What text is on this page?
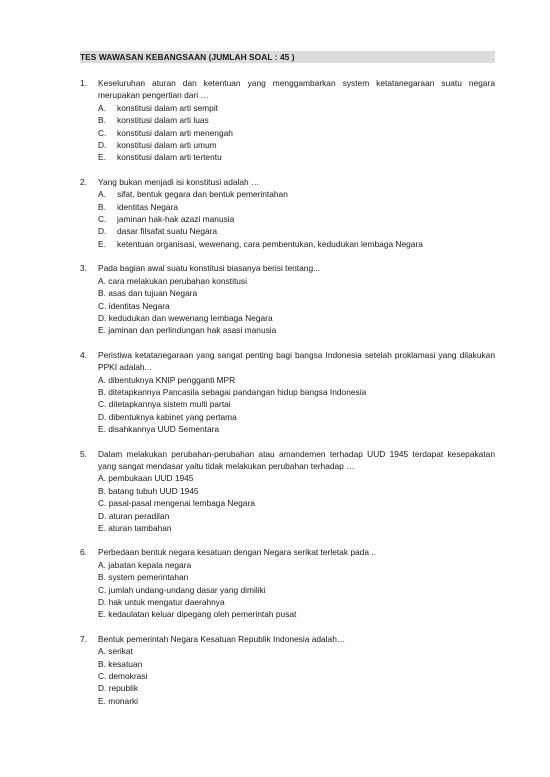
TES WAWASAN KEBANGSAAN (JUMLAH SOAL : 45 )
1. Keseluruhan aturan dan ketentuan yang menggambarkan system ketatanegaraan suatu negara merupakan pengertian dari …
A.	konstitusi dalam arti sempit
B.	konstitusi dalam arti luas
C.	konstitusi dalam arti menengah
D.	konstitusi dalam arti umum
E.	konstitusi dalam arti tertentu
2. Yang bukan menjadi isi konstitusi adalah …
A.	sifat, bentuk gegara dan bentuk pemerintahan
B.	identitas Negara
C.	jaminan hak-hak azazi manusia
D.	dasar filsafat suatu Negara
E.	ketentuan organisasi, wewenang, cara pembentukan, kedudukan lembaga Negara
3. Pada bagian awal suatu konstitusi biasanya berisi tentang...
A. cara melakukan perubahan konstitusi
B. asas dan tujuan Negara
C. identitas Negara
D. kedudukan dan wewenang lembaga Negara
E. jaminan dan perlindungan hak asasi manusia
4. Peristiwa ketatanegaraan yang sangat penting bagi bangsa Indonesia setelah proklamasi yang dilakukan PPKI adalah...
A. dibentuknya KNIP pengganti MPR
B. ditetapkannya Pancasila sebagai pandangan hidup bangsa Indonesia
C. ditetapkannya sistem multi partai
D. dibentuknya kabinet yang pertama
E. disahkannya UUD Sementara
5. Dalam melakukan perubahan-perubahan atau amandemen terhadap UUD 1945 terdapat kesepakatan yang sangat mendasar yaitu tidak melakukan perubahan terhadap …
A. pembukaan UUD 1945
B. batang tubuh UUD 1945
C. pasal-pasal mengenai lembaga Negara
D. aturan peradilan
E. aturan tambahan
6. Perbedaan bentuk negara kesatuan dengan Negara serikat terletak pada ..
A. jabatan kepala negara
B. system pemerintahan
C. jumlah undang-undang dasar yang dimiliki
D. hak untuk mengatur daerahnya
E. kedaulatan keluar dipegang oleh pemerintah pusat
7. Bentuk pemerintah Negara Kesatuan Republik Indonesia adalah…
A. serikat
B. kesatuan
C. demokrasi
D. republik
E. monarki
